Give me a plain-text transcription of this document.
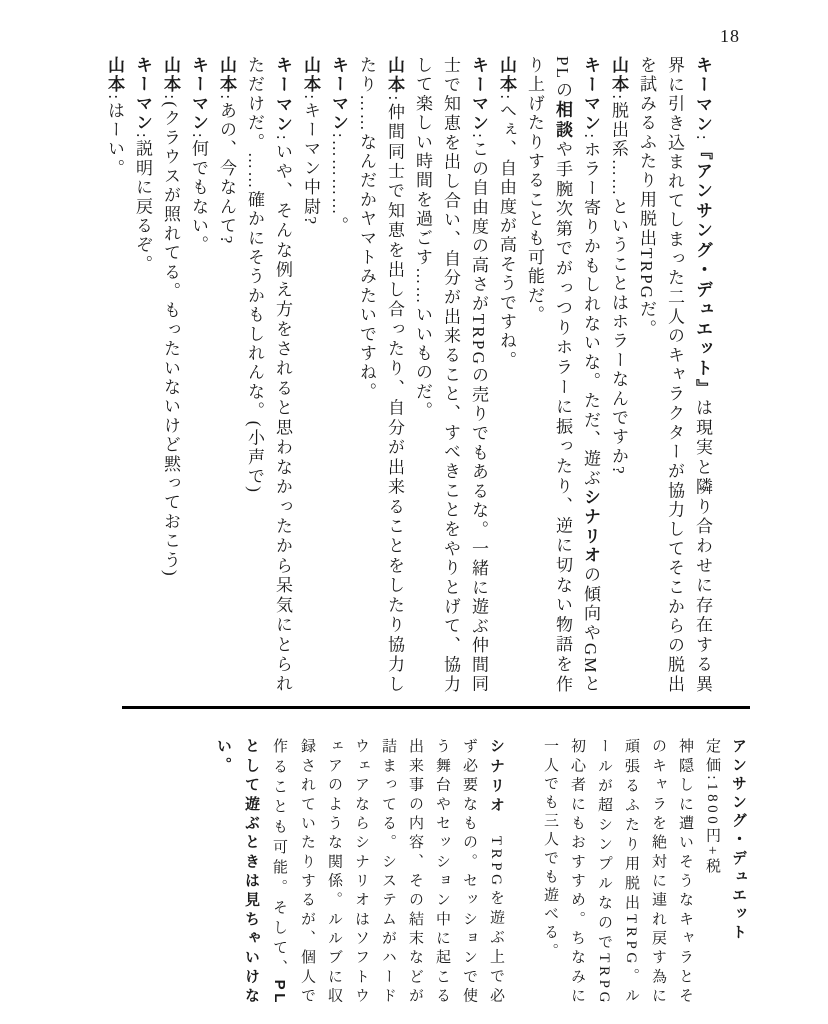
18

キーマン:『アンサング・デュエット』は現実と隣り合わせに存在する異界に引き込まれてしまった二人のキャラクターが協力してそこからの脱出を試みるふたり用脱出TRPGだ。

山本:脱出系……ということはホラーなんですか?

キーマン:ホラー寄りかもしれないな。ただ、遊ぶシナリオの傾向やGMとPLの相談や手腕次第でがっつりホラーに振ったり、逆に切ない物語を作り上げたりすることも可能だ。

山本:へぇ、自由度が高そうですね。

キーマン:この自由度の高さがTRPGの売りでもあるな。一緒に遊ぶ仲間同士で知恵を出し合い、自分が出来ること、すべきことをやりとげて、協力して楽しい時間を過ごす……いいものだ。

山本:仲間同士で知恵を出し合ったり、自分が出来ることをしたり協力したり……なんだかヤマトみたいですね。

キーマン:…………。

山本:キーマン中尉?

キーマン:いや、そんな例え方をされると思わなかったから呆気にとられただけだ。……確かにそうかもしれんな。(小声で)

山本:あの、今なんて?

キーマン:何でもない。

山本:(クラウスが照れてる。もったいないけど黙っておこう)

キーマン:説明に戻るぞ。

山本:はーい。

アンサング・デュエット

定価:1800円+税

神隠しに遭いそうなキャラとそのキャラを絶対に連れ戻す為に頑張るふたり用脱出TRPG。ルールが超シンプルなのでTRPG初心者にもおすすめ。ちなみに一人でも三人でも遊べる。

シナリオ　TRPGを遊ぶ上で必ず必要なもの。セッションで使う舞台やセッション中に起こる出来事の内容、その結末などが詰まってる。システムがハードウェアならシナリオはソフトウェアのような関係。ルルブに収録されていたりするが、個人で作ることも可能。そして、PLとして遊ぶときは見ちゃいけない。
